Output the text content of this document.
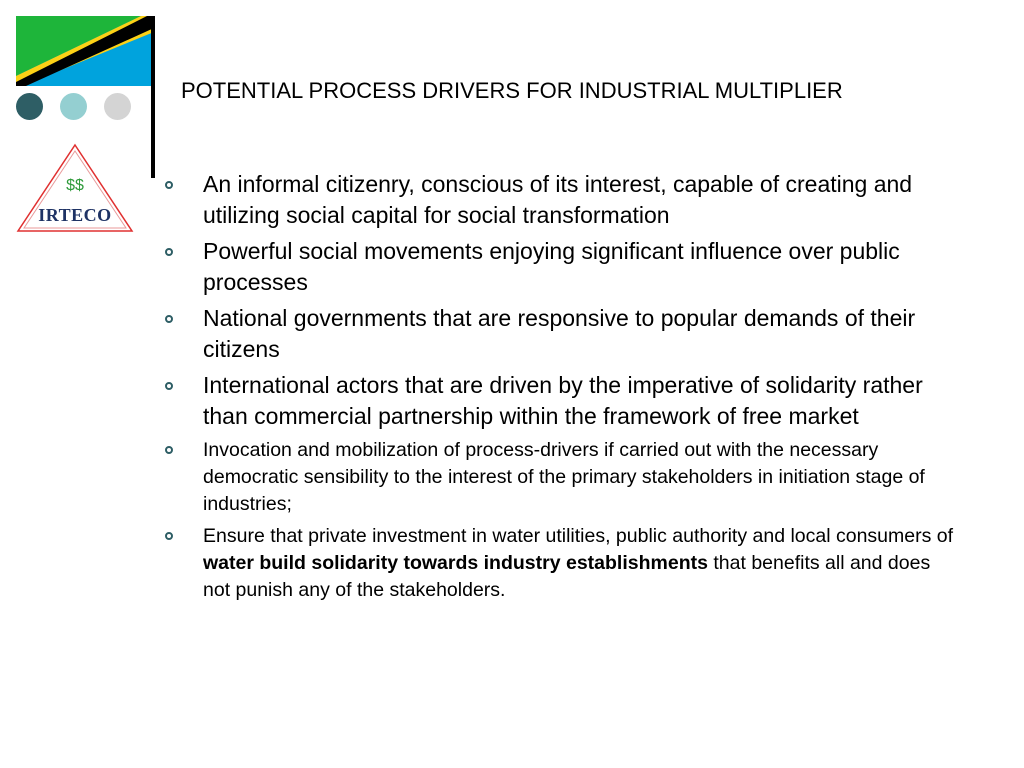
$$
IRTECO
POTENTIAL PROCESS DRIVERS FOR INDUSTRIAL MULTIPLIER
An informal citizenry, conscious of its interest, capable of creating and utilizing social capital for social transformation
Powerful social movements enjoying significant influence over public processes
National governments that are responsive to popular demands of their citizens
International actors that are driven by the imperative of solidarity rather than commercial partnership within the framework of free market
Invocation and mobilization of process-drivers if carried out with the necessary democratic sensibility to the interest of the primary stakeholders in initiation stage of industries;
Ensure that private investment in water utilities, public authority and local consumers of water build solidarity towards industry establishments that benefits all and does not punish any of the stakeholders.
